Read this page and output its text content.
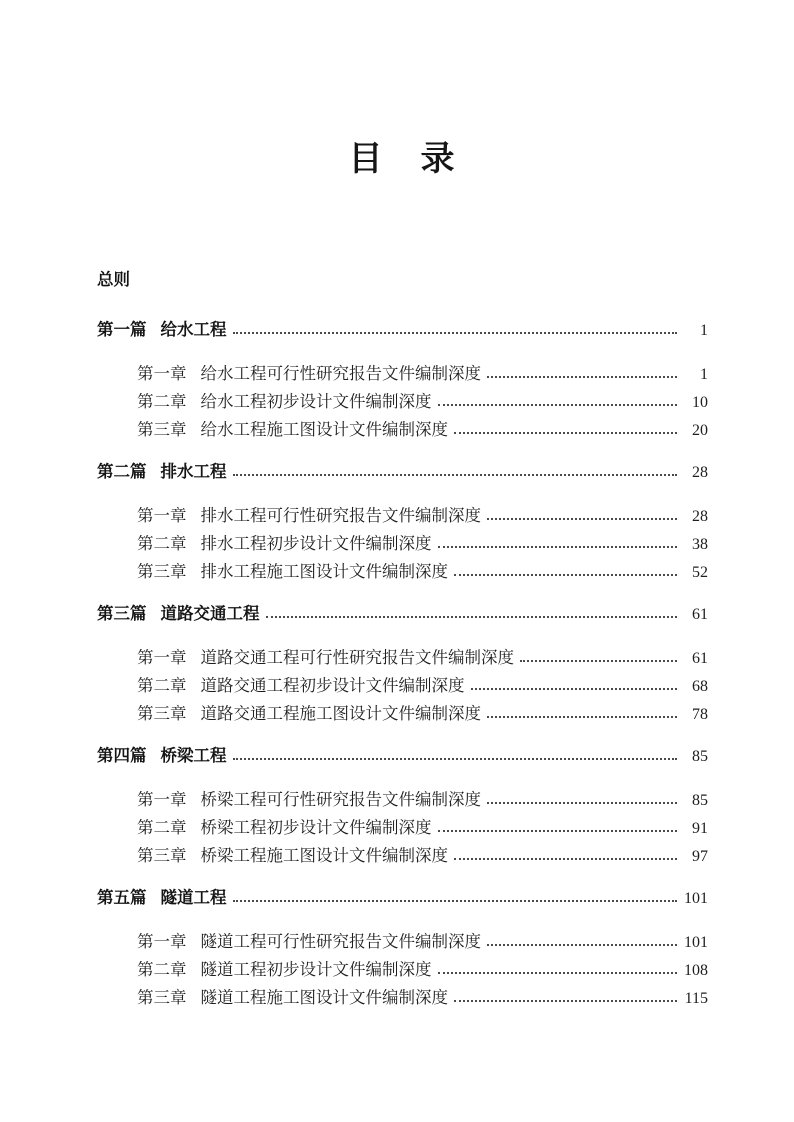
目　录
总则
第一篇 给水工程	1
第一章 给水工程可行性研究报告文件编制深度	1
第二章 给水工程初步设计文件编制深度	10
第三章 给水工程施工图设计文件编制深度	20
第二篇 排水工程	28
第一章 排水工程可行性研究报告文件编制深度	28
第二章 排水工程初步设计文件编制深度	38
第三章 排水工程施工图设计文件编制深度	52
第三篇 道路交通工程	61
第一章 道路交通工程可行性研究报告文件编制深度	61
第二章 道路交通工程初步设计文件编制深度	68
第三章 道路交通工程施工图设计文件编制深度	78
第四篇 桥梁工程	85
第一章 桥梁工程可行性研究报告文件编制深度	85
第二章 桥梁工程初步设计文件编制深度	91
第三章 桥梁工程施工图设计文件编制深度	97
第五篇 隧道工程	101
第一章 隧道工程可行性研究报告文件编制深度	101
第二章 隧道工程初步设计文件编制深度	108
第三章 隧道工程施工图设计文件编制深度	115
